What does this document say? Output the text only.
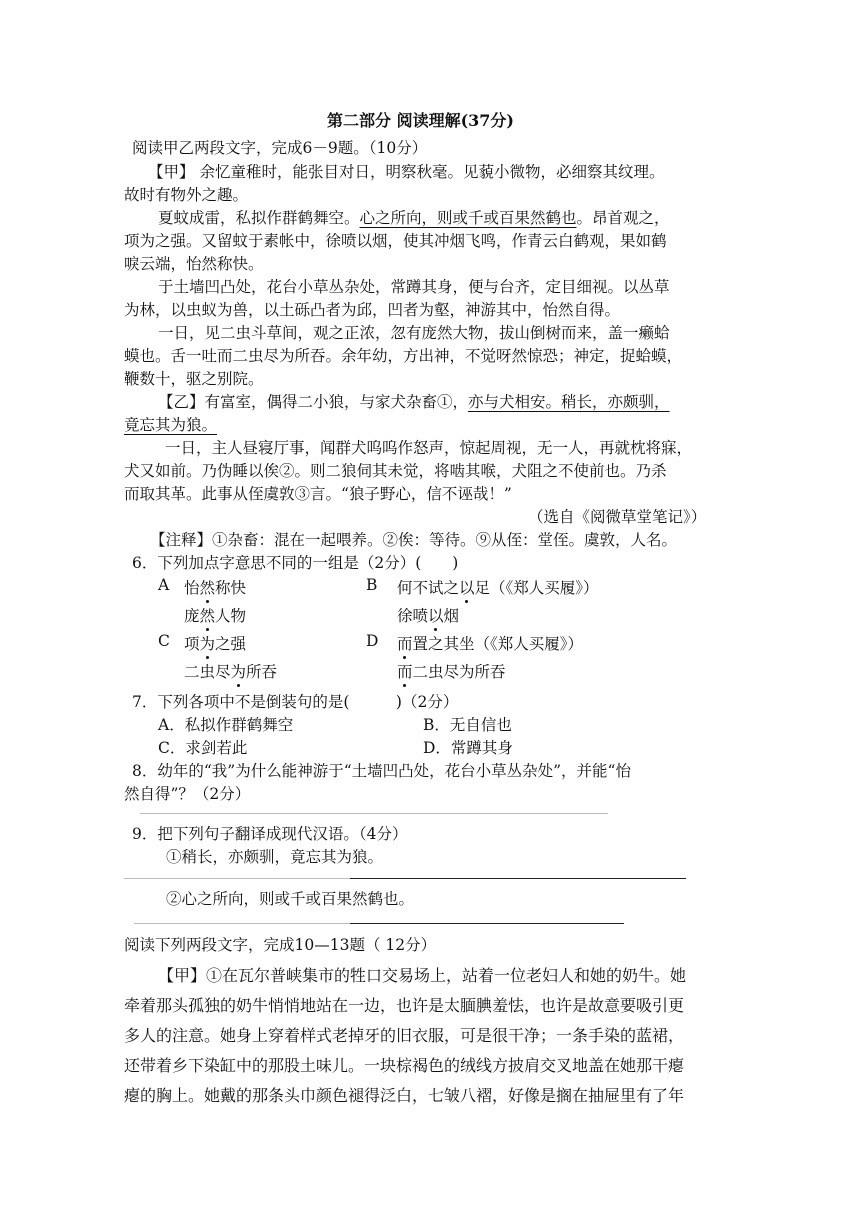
第二部分 阅读理解(37分)
阅读甲乙两段文字，完成6－9题。（10分）
【甲】 余忆童稚时，能张目对日，明察秋毫。见藐小微物，必细察其纹理。
故时有物外之趣。
夏蚊成雷，私拟作群鹤舞空。心之所向，则或千或百果然鹤也。昂首观之，
项为之强。又留蚊于素帐中，徐喷以烟，使其冲烟飞鸣，作青云白鹤观，果如鹤
唳云端，怡然称快。
于土墙凹凸处，花台小草丛杂处，常蹲其身，便与台齐，定目细视。以丛草
为林，以虫蚁为兽，以土砾凸者为邱，凹者为壑，神游其中，怡然自得。
一日，见二虫斗草间，观之正浓，忽有庞然大物，拔山倒树而来，盖一癞蛤
蟆也。舌一吐而二虫尽为所吞。余年幼，方出神，不觉呀然惊恐；神定，捉蛤蟆，
鞭数十，驱之别院。
【乙】有富室，偶得二小狼，与家犬杂畜①，亦与犬相安。稍长，亦颇驯，
竟忘其为狼。
一日，主人昼寝厅事，闻群犬呜呜作怒声，惊起周视，无一人，再就枕将寐，
犬又如前。乃伪睡以俟②。则二狼伺其未觉，将啮其喉，犬阻之不使前也。乃杀
而取其革。此事从侄虞敦③言。“狼子野心，信不诬哉！”
（选自《阅微草堂笔记》）
【注释】①杂畜：混在一起喂养。②俟：等待。⑨从侄：堂侄。虞敦，人名。
6．下列加点字意思不同的一组是（2分）(　　)
A 怡然称快	B 何不试之以足（《郑人买履》）
庞然人物	徐喷以烟
C 项为之强	D 而置之其坐（《郑人买履》）
二虫尽为所吞	而二虫尽为所吞
7．下列各项中不是倒装句的是(　　　)（2分）
A．私拟作群鹤舞空	B．无自信也
C．求剑若此	D．常蹲其身
8．幼年的“我”为什么能神游于“土墙凹凸处，花台小草丛杂处”，并能“怡
然自得”？（2分）
9．把下列句子翻译成现代汉语。（4分）
①稍长，亦颇驯，竟忘其为狼。
②心之所向，则或千或百果然鹤也。
阅读下列两段文字，完成10—13题（ 12分）
【甲】①在瓦尔普峡集市的牲口交易场上，站着一位老妇人和她的奶牛。她
牵着那头孤独的奶牛悄悄地站在一边，也许是太腼腆羞怯，也许是故意要吸引更
多人的注意。她身上穿着样式老掉牙的旧衣服，可是很干净；一条手染的蓝裙，
还带着乡下染缸中的那股土味儿。一块棕褐色的绒线方披肩交叉地盖在她那干瘪
瘪的胸上。她戴的那条头巾颜色褪得泛白，七皱八褶，好像是搁在抽屉里有了年
